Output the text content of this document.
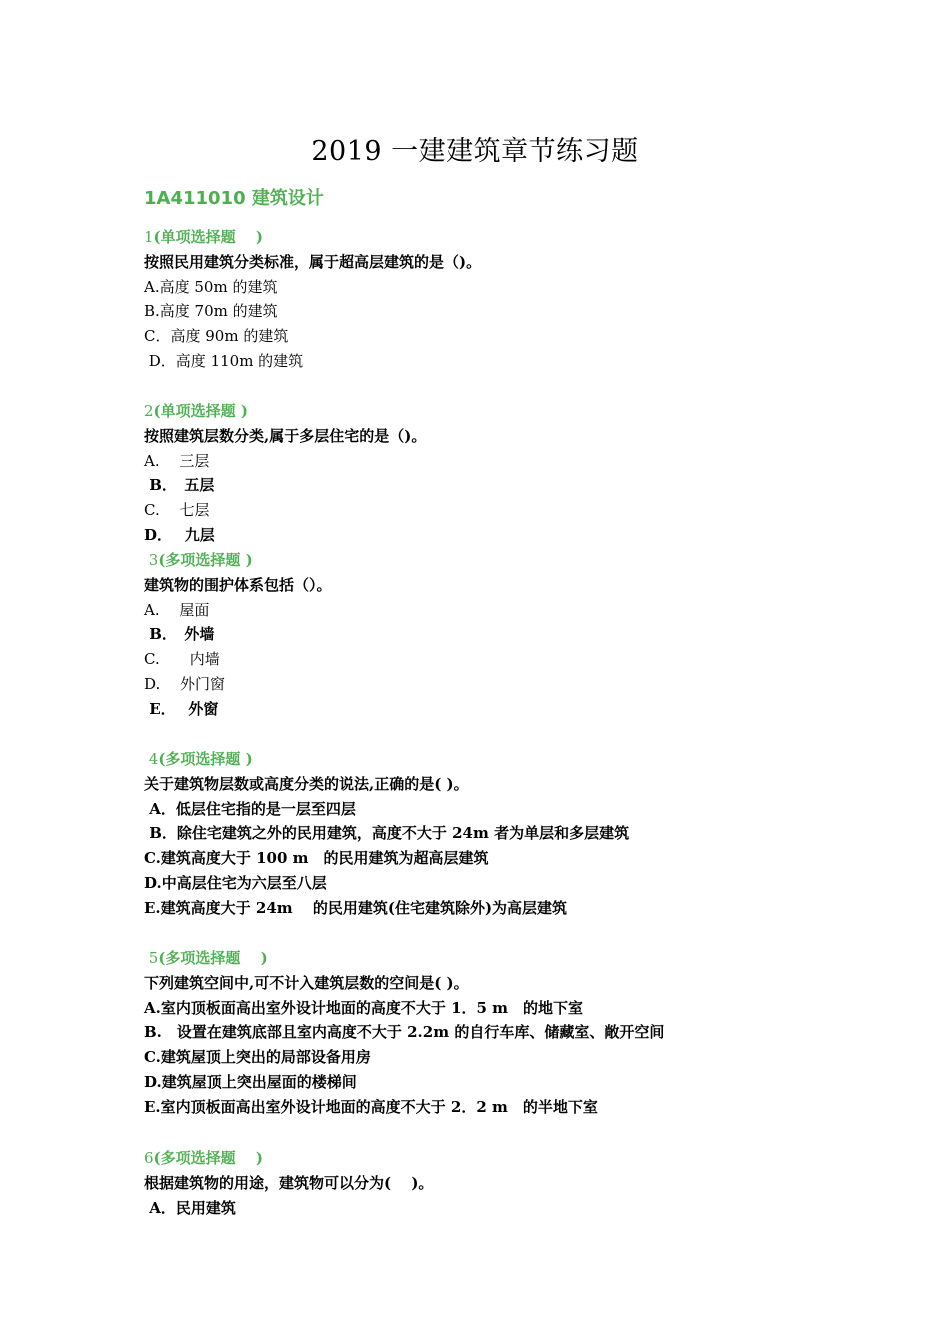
2019 一建建筑章节练习题
1A411010 建筑设计
1(单项选择题　 )
按照民用建筑分类标准，属于超高层建筑的是（)。
A.高度 50m 的建筑
B.高度 70m 的建筑
C．高度 90m 的建筑
D．高度 110m 的建筑
2(单项选择题 )
按照建筑层数分类,属于多层住宅的是（)。
A.　 三层
B．　五层
C.　 七层
D．　 九层
3(多项选择题 )
建筑物的围护体系包括（）。
A.　 屋面
B．　外墙
C.　　内墙
D.　 外门窗
E．　 外窗
4(多项选择题 )
关于建筑物层数或高度分类的说法,正确的是( )。
A．低层住宅指的是一层至四层
B．除住宅建筑之外的民用建筑，高度不大于 24m 者为单层和多层建筑
C.建筑高度大于 100 m　的民用建筑为超高层建筑
D.中高层住宅为六层至八层
E.建筑高度大于 24m　 的民用建筑(住宅建筑除外)为高层建筑
5(多项选择题　 )
下列建筑空间中,可不计入建筑层数的空间是( )。
A.室内顶板面高出室外设计地面的高度不大于 1．5 m　的地下室
B.　设置在建筑底部且室内高度不大于 2.2m 的自行车库、储藏室、敞开空间
C.建筑屋顶上突出的局部设备用房
D.建筑屋顶上突出屋面的楼梯间
E.室内顶板面高出室外设计地面的高度不大于 2．2 m　的半地下室
6(多项选择题　 )
根据建筑物的用途，建筑物可以分为(　 )。
A．民用建筑
